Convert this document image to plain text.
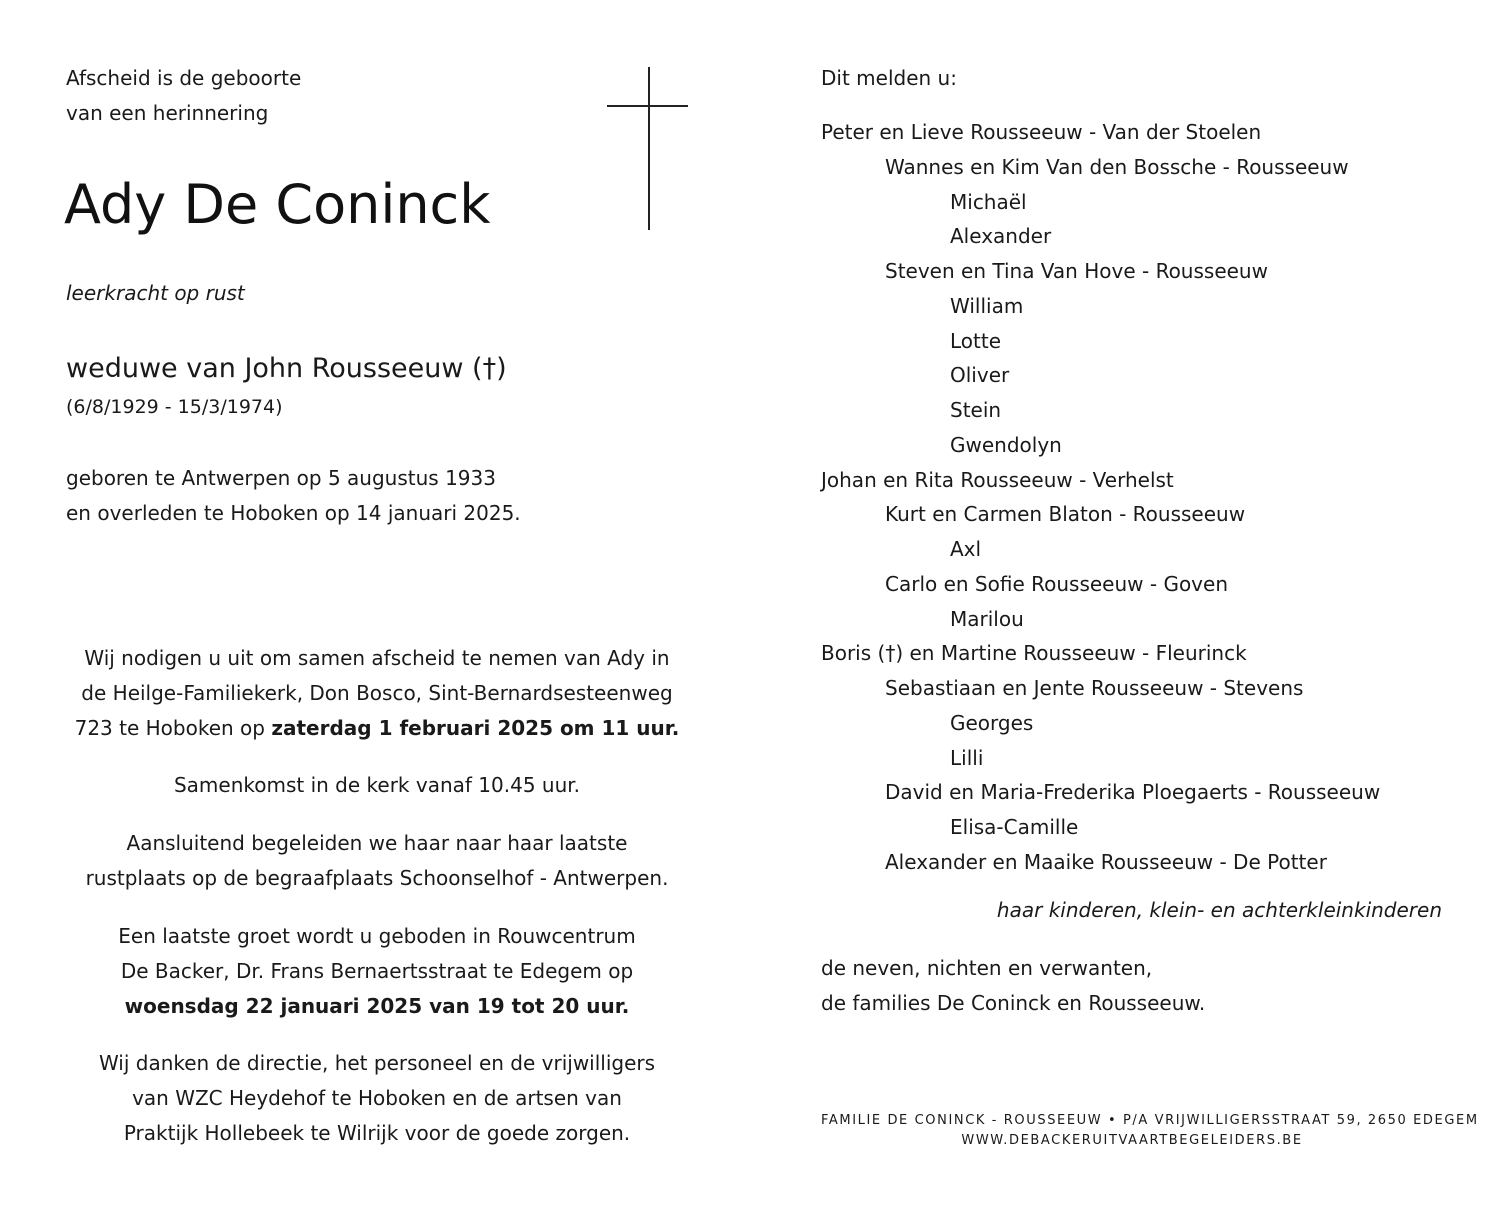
Afscheid is de geboorte
van een herinnering
Ady De Coninck
leerkracht op rust
weduwe van John Rousseeuw (†)
(6/8/1929 - 15/3/1974)
geboren te Antwerpen op 5 augustus 1933
en overleden te Hoboken op 14 januari 2025.
Wij nodigen u uit om samen afscheid te nemen van Ady in
de Heilge-Familiekerk, Don Bosco, Sint-Bernardsesteenweg
723 te Hoboken op zaterdag 1 februari 2025 om 11 uur.
Samenkomst in de kerk vanaf 10.45 uur.
Aansluitend begeleiden we haar naar haar laatste
rustplaats op de begraafplaats Schoonselhof - Antwerpen.
Een laatste groet wordt u geboden in Rouwcentrum
De Backer, Dr. Frans Bernaertsstraat te Edegem op
woensdag 22 januari 2025 van 19 tot 20 uur.
Wij danken de directie, het personeel en de vrijwilligers
van WZC Heydehof te Hoboken en de artsen van
Praktijk Hollebeek te Wilrijk voor de goede zorgen.
Dit melden u:
Peter en Lieve Rousseeuw - Van der Stoelen
Wannes en Kim Van den Bossche - Rousseeuw
Michaël
Alexander
Steven en Tina Van Hove - Rousseeuw
William
Lotte
Oliver
Stein
Gwendolyn
Johan en Rita Rousseeuw - Verhelst
Kurt en Carmen Blaton - Rousseeuw
Axl
Carlo en Sofie Rousseeuw - Goven
Marilou
Boris (†) en Martine Rousseeuw - Fleurinck
Sebastiaan en Jente Rousseeuw - Stevens
Georges
Lilli
David en Maria-Frederika Ploegaerts - Rousseeuw
Elisa-Camille
Alexander en Maaike Rousseeuw - De Potter
haar kinderen, klein- en achterkleinkinderen
de neven, nichten en verwanten,
de families De Coninck en Rousseeuw.
FAMILIE DE CONINCK - ROUSSEEUW • P/A VRIJWILLIGERSSTRAAT 59, 2650 EDEGEM
WWW.DEBACKERUITVAARTBEGELEIDERS.BE
